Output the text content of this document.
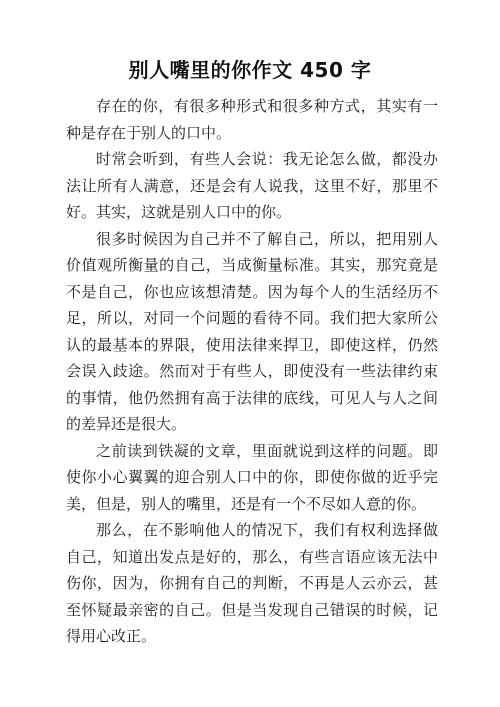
别人嘴里的你作文 450 字

存在的你，有很多种形式和很多种方式，其实有一种是存在于别人的口中。

时常会听到，有些人会说：我无论怎么做，都没办法让所有人满意，还是会有人说我，这里不好，那里不好。其实，这就是别人口中的你。

很多时候因为自己并不了解自己，所以，把用别人价值观所衡量的自己，当成衡量标准。其实，那究竟是不是自己，你也应该想清楚。因为每个人的生活经历不足，所以，对同一个问题的看待不同。我们把大家所公认的最基本的界限，使用法律来捍卫，即使这样，仍然会误入歧途。然而对于有些人，即使没有一些法律约束的事情，他仍然拥有高于法律的底线，可见人与人之间的差异还是很大。

之前读到铁凝的文章，里面就说到这样的问题。即使你小心翼翼的迎合别人口中的你，即使你做的近乎完美，但是，别人的嘴里，还是有一个不尽如人意的你。

那么，在不影响他人的情况下，我们有权利选择做自己，知道出发点是好的，那么，有些言语应该无法中伤你，因为，你拥有自己的判断，不再是人云亦云，甚至怀疑最亲密的自己。但是当发现自己错误的时候，记得用心改正。
